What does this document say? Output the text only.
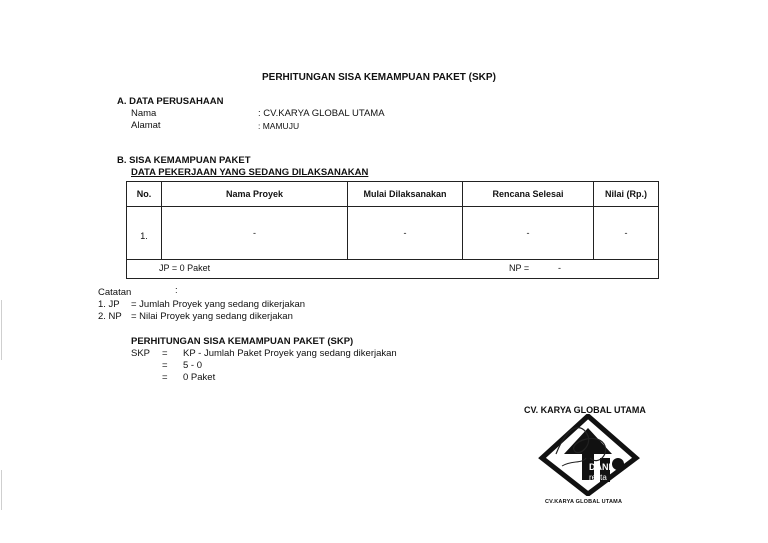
PERHITUNGAN SISA KEMAMPUAN PAKET (SKP)
A. DATA PERUSAHAAN
Nama	: CV.KARYA GLOBAL UTAMA
Alamat	: MAMUJU
B. SISA KEMAMPUAN PAKET
DATA PEKERJAAN YANG SEDANG DILAKSANAKAN
No.	Nama Proyek	Mulai Dilaksanakan	Rencana Selesai	Nilai (Rp.)
1.	-	-	-	-

JP = 0 Paket NP = -				
Catatan	:
1. JP = Jumlah Proyek yang sedang dikerjakan
2. NP = Nilai Proyek yang sedang dikerjakan
PERHITUNGAN SISA KEMAMPUAN PAKET (SKP)
SKP = KP - Jumlah Paket Proyek yang sedang dikerjakan
= 5 - 0
= 0 Paket
CV. KARYA GLOBAL UTAMA
DANI
recta
CV.KARYA GLOBAL UTAMA
